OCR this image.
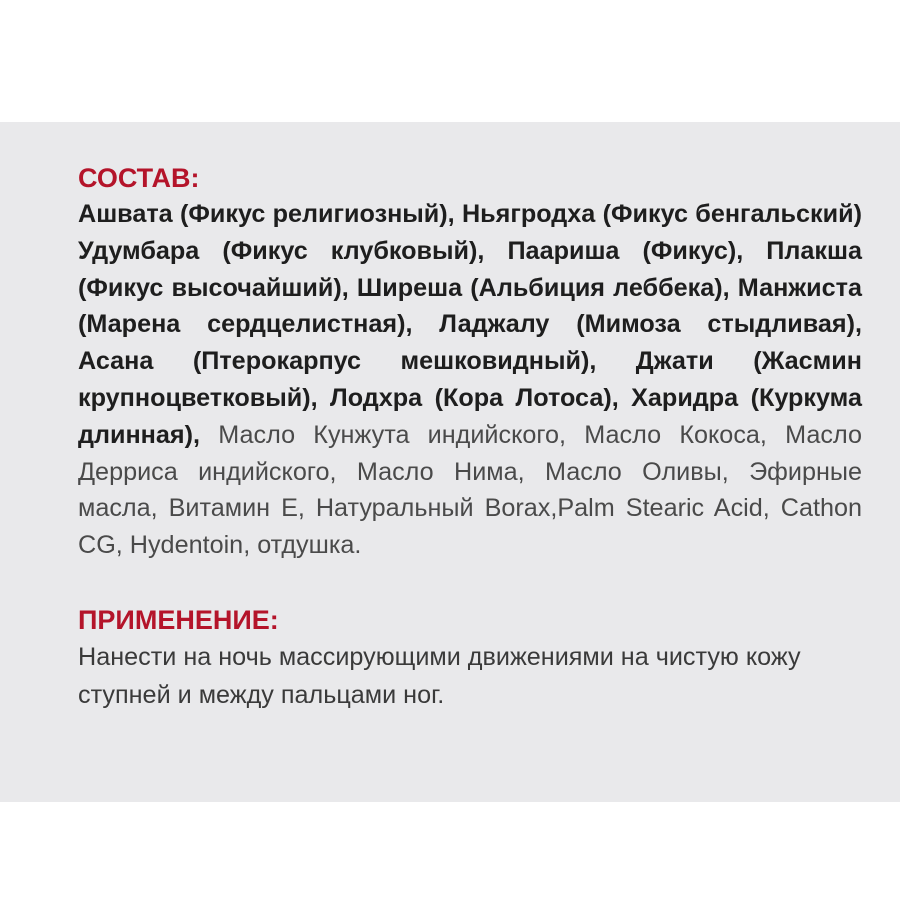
СОСТАВ:

Ашвата (Фикус религиозный), Ньягродха (Фикус бенгальский) Удумбара (Фикус клубковый), Паариша (Фикус), Плакша (Фикус высочайший), Ширеша (Альбиция леббека), Манжиста (Марена сердцелистная), Ладжалу (Мимоза стыдливая), Асана (Птерокарпус мешковидный), Джати (Жасмин крупноцветковый), Лодхра (Кора Лотоса), Харидра (Куркума длинная), Масло Кунжута индийского, Масло Кокоса, Масло Дерриса индийского, Масло Нима, Масло Оливы, Эфирные масла, Витамин Е, Натуральный Borax,Palm Stearic Acid, Cathon CG, Hydentoin, отдушка.

ПРИМЕНЕНИЕ:

Нанести на ночь массирующими движениями на чистую кожу ступней и между пальцами ног.
